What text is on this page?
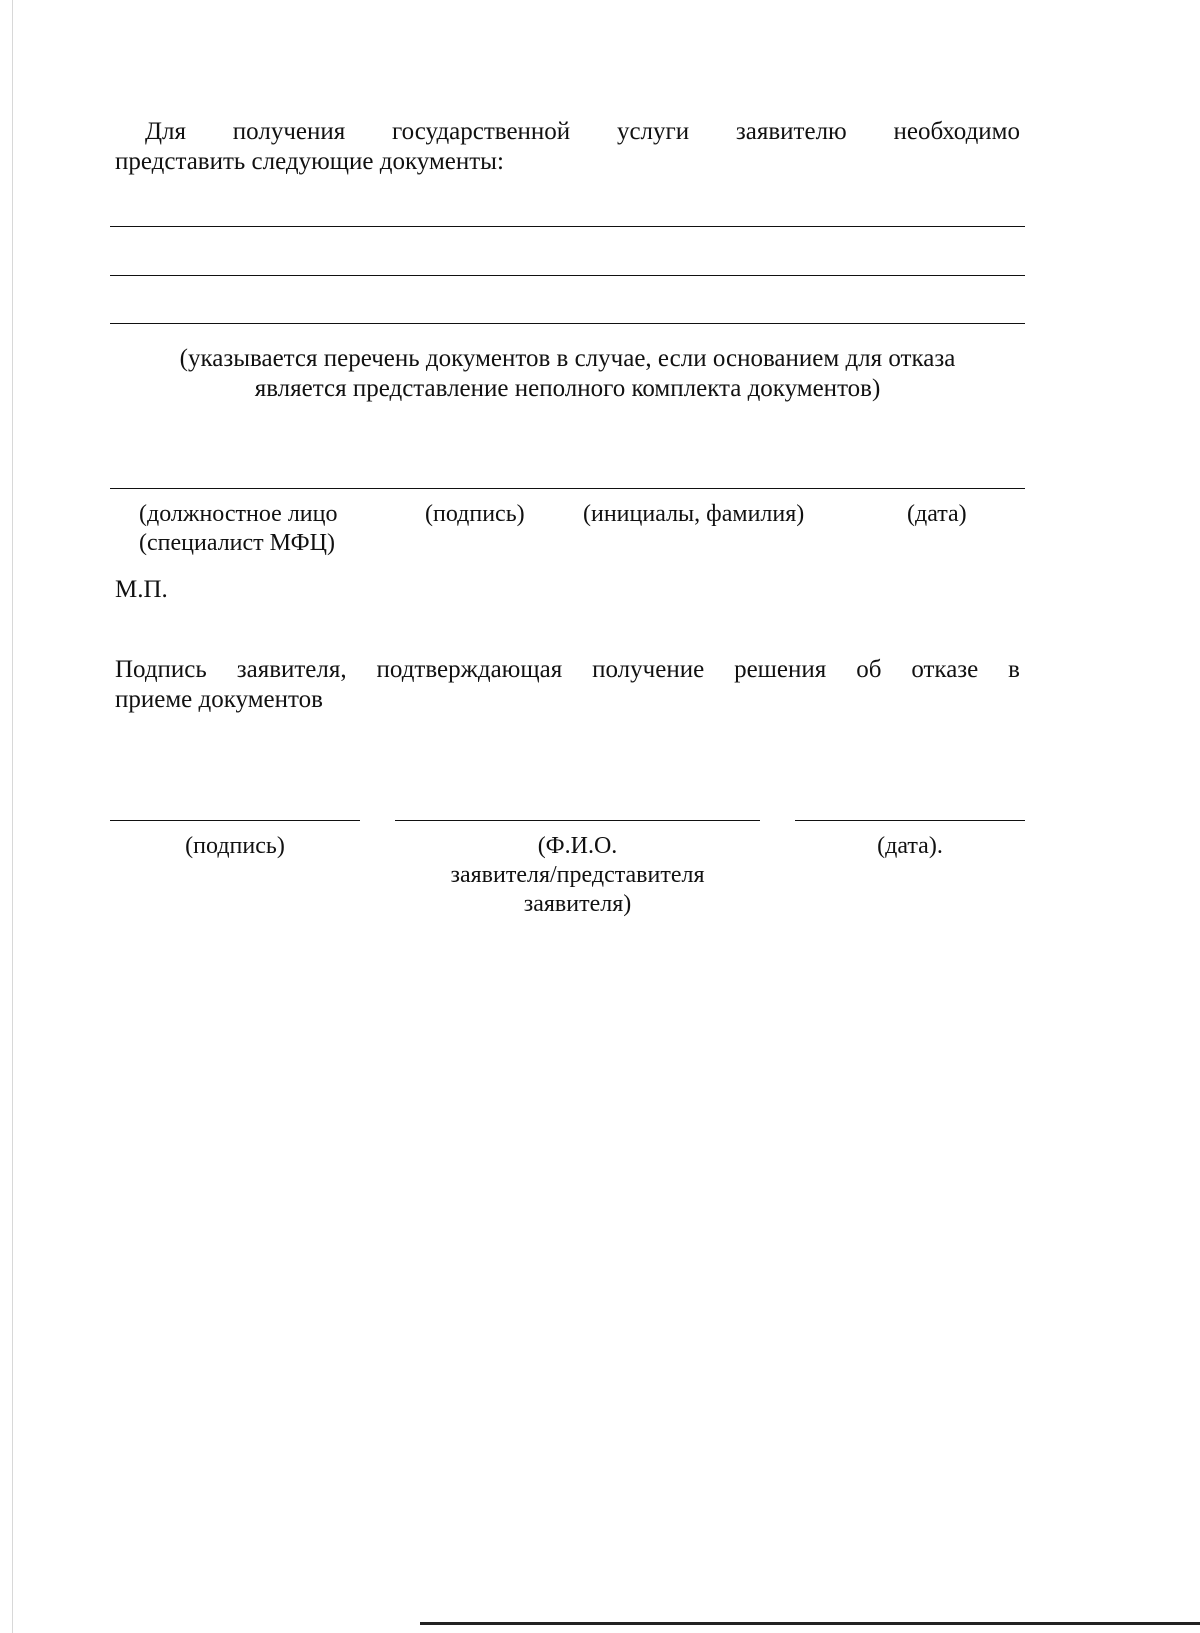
Для получения государственной услуги заявителю необходимо
представить следующие документы:
(указывается перечень документов в случае, если основанием для отказа
является представление неполного комплекта документов)
(должностное лицо
(специалист МФЦ)
(подпись) (инициалы, фамилия)	(дата)
М.П.
Подпись заявителя, подтверждающая получение решения об отказе в
приеме документов
(подпись)	(Ф.И.О.
заявителя/представителя
заявителя)
(дата).
